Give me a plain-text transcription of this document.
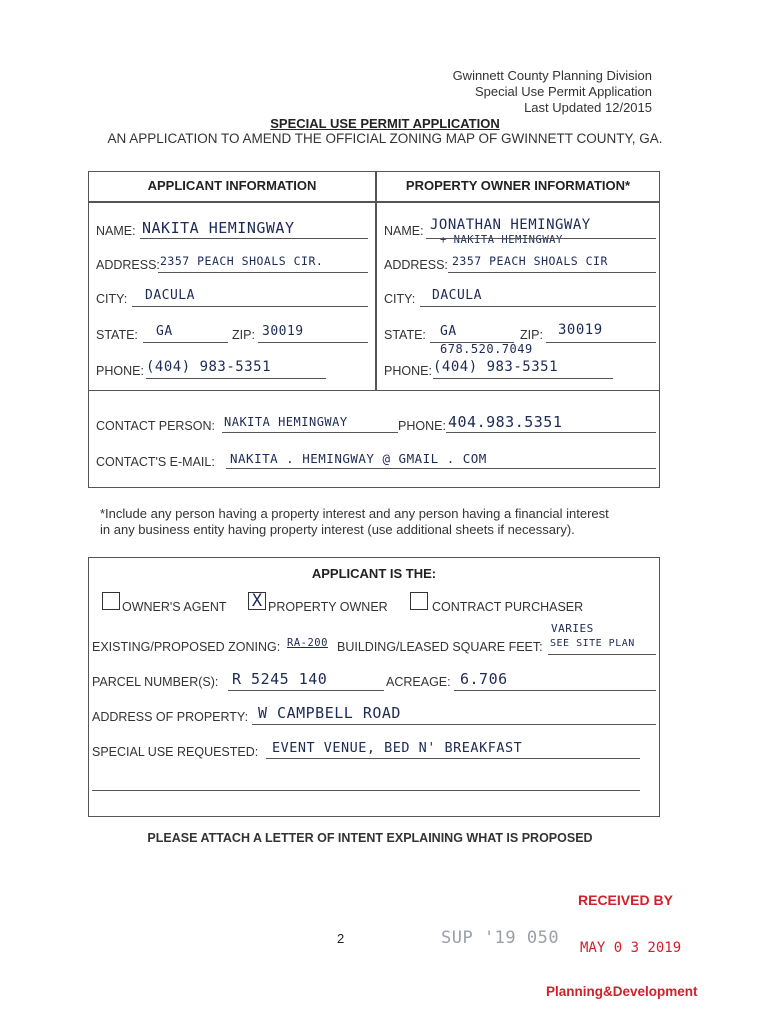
Gwinnett County Planning Division
Special Use Permit Application
Last Updated 12/2015
SPECIAL USE PERMIT APPLICATION
AN APPLICATION TO AMEND THE OFFICIAL ZONING MAP OF GWINNETT COUNTY, GA.
APPLICANT INFORMATION	PROPERTY OWNER INFORMATION*
NAME: NAKITA HEMINGWAY
ADDRESS: 2357 PEACH SHOALS CIR.
CITY: DACULA
STATE: GA	ZIP: 30019
PHONE: (404) 983-5351
NAME: JONATHAN HEMINGWAY
+ NAKITA HEMINGWAY
ADDRESS: 2357 PEACH SHOALS CIR
CITY: DACULA
STATE: GA	ZIP: 30019
678.520.7049
PHONE: (404) 983-5351
CONTACT PERSON: NAKITA HEMINGWAY	PHONE: 404.983.5351
CONTACT'S E-MAIL: NAKITA . HEMINGWAY @ GMAIL . COM
*Include any person having a property interest and any person having a financial interest
in any business entity having property interest (use additional sheets if necessary).
APPLICANT IS THE:
OWNER'S AGENT X PROPERTY OWNER	CONTRACT PURCHASER
EXISTING/PROPOSED ZONING: RA-200 BUILDING/LEASED SQUARE FEET:
VARIES
SEE SITE PLAN
PARCEL NUMBER(S): R 5245 140	ACREAGE: 6.706
ADDRESS OF PROPERTY: W CAMPBELL ROAD
SPECIAL USE REQUESTED: EVENT VENUE, BED N' BREAKFAST
PLEASE ATTACH A LETTER OF INTENT EXPLAINING WHAT IS PROPOSED
2	SUP '19 050
RECEIVED BY
MAY 0 3 2019
Planning&Development
